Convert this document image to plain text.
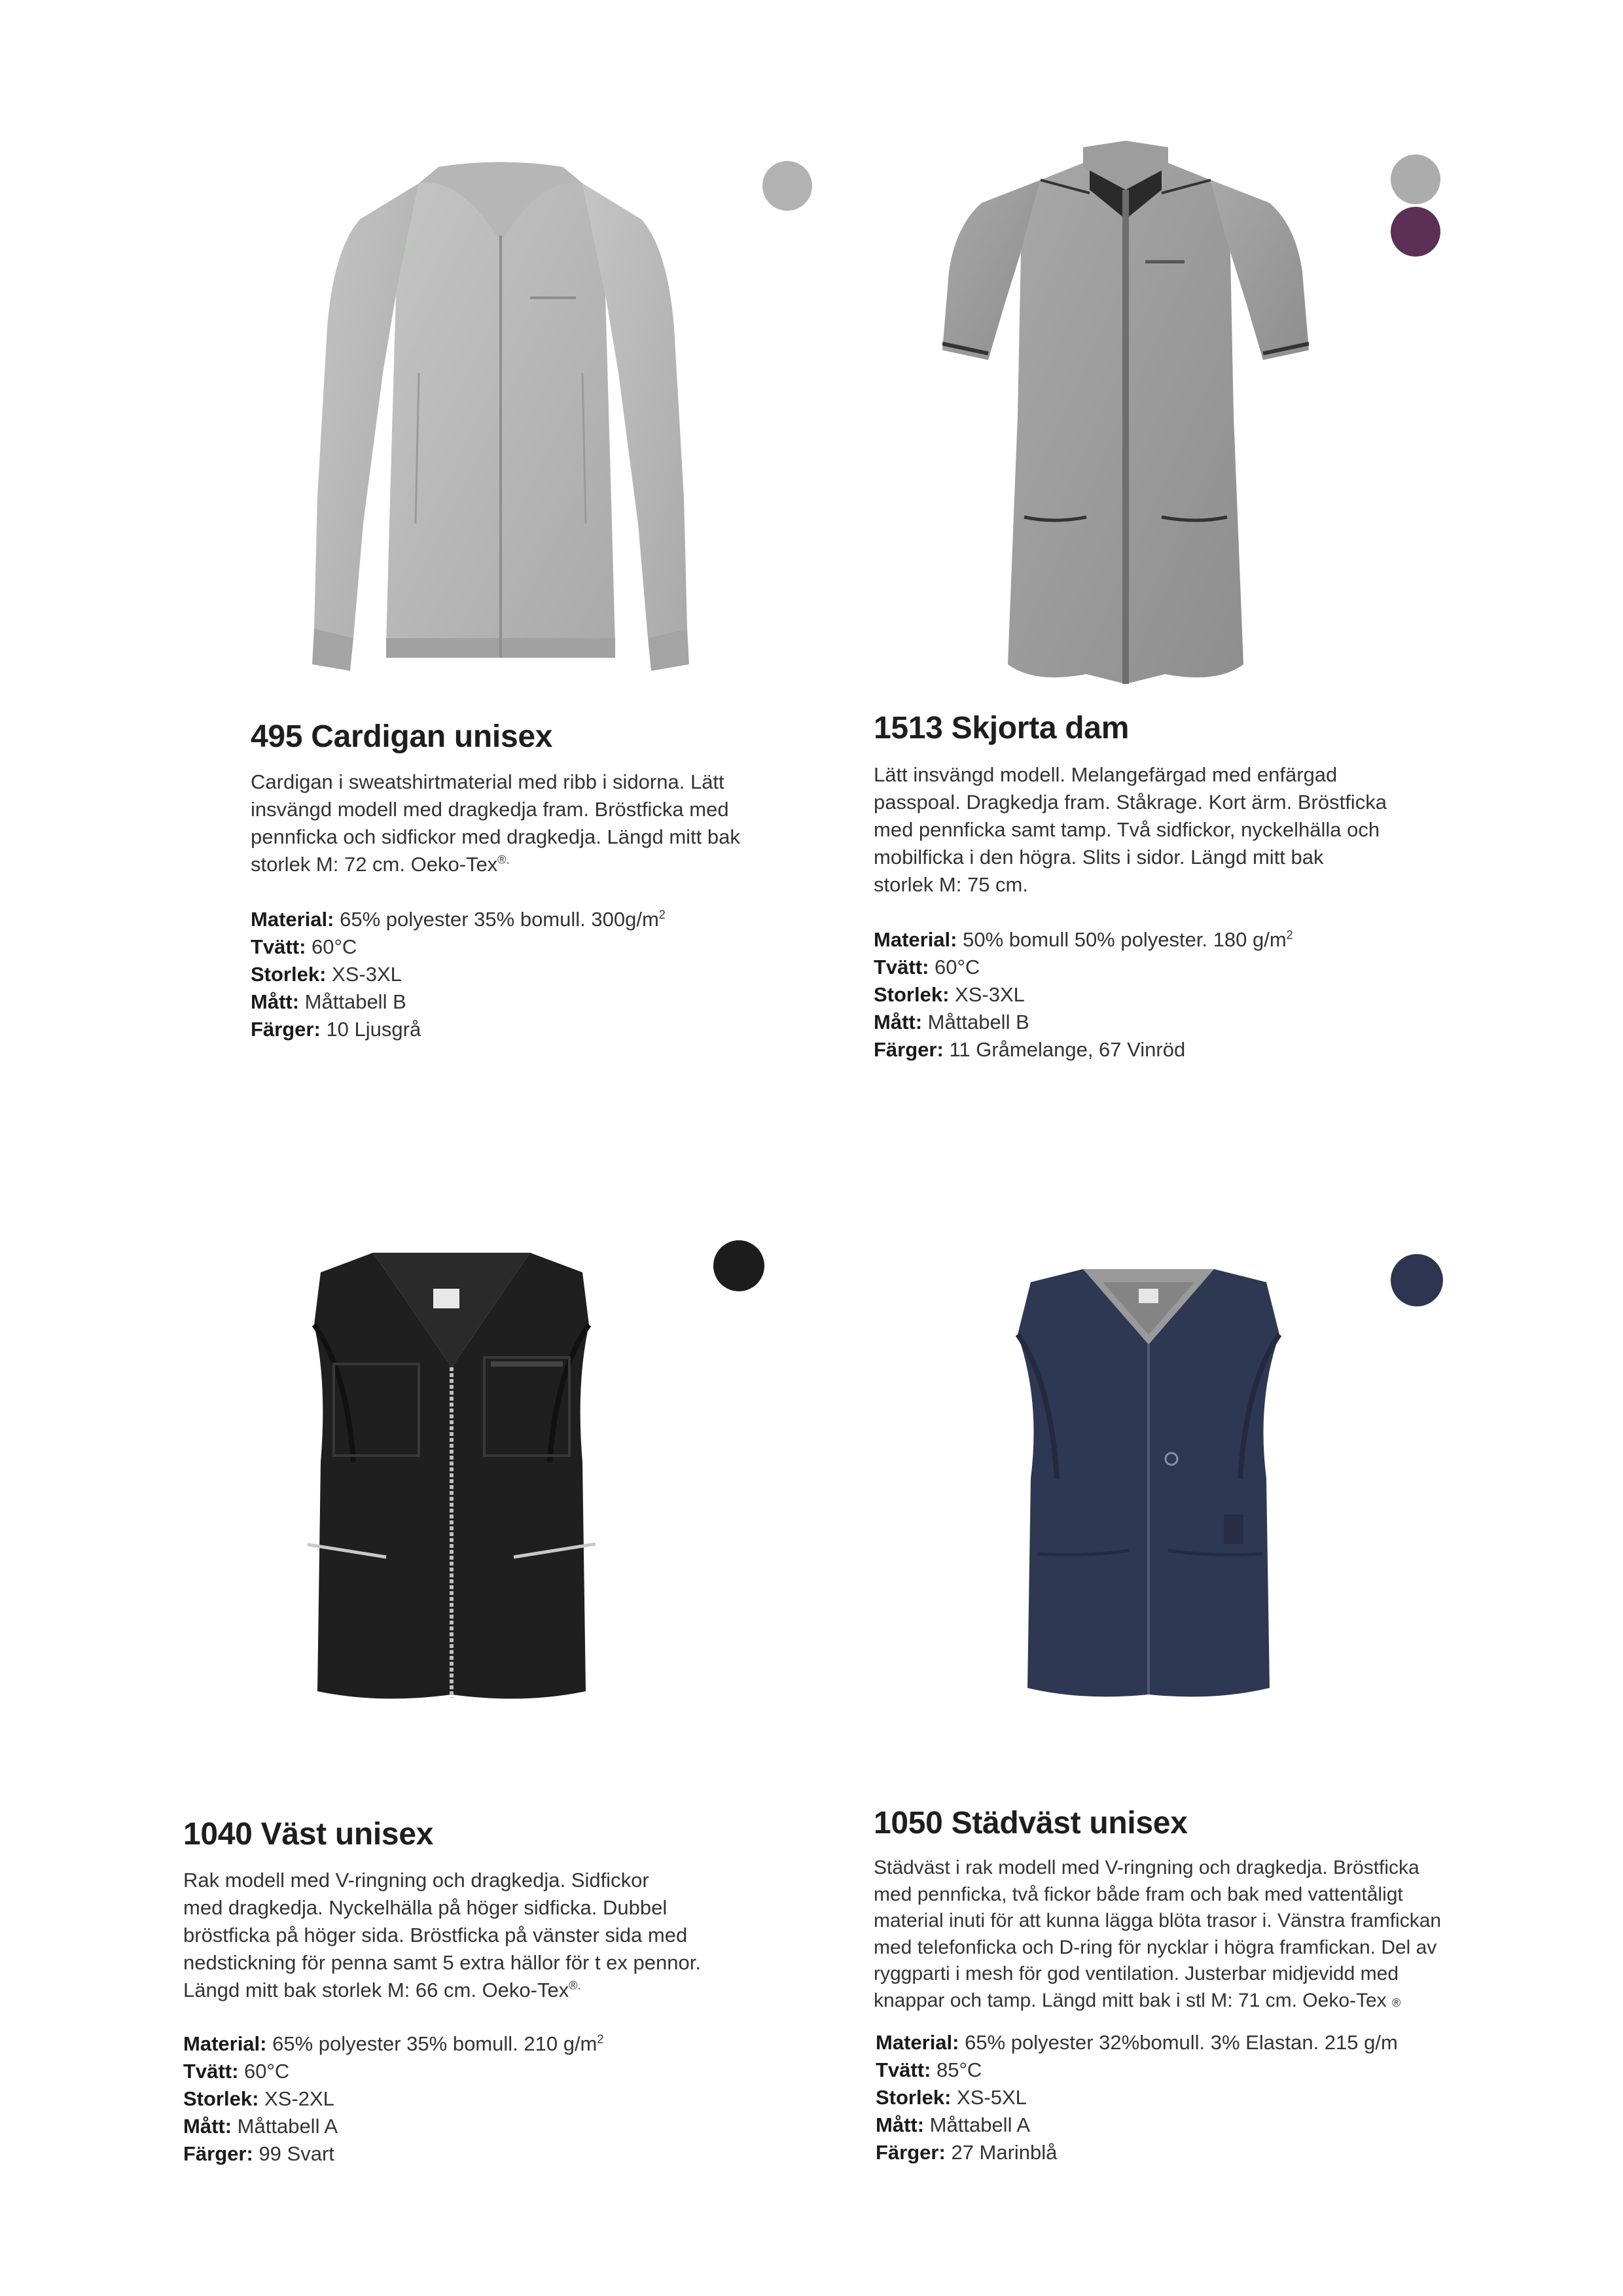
495 Cardigan unisex
Cardigan i sweatshirtmaterial med ribb i sidorna. Lätt
insvängd modell med dragkedja fram. Bröstficka med
pennficka och sidfickor med dragkedja. Längd mitt bak
storlek M: 72 cm. Oeko-Tex®.
Material: 65% polyester 35% bomull. $300g/m^2$
Tvätt: 60°C
Storlek: XS-3XL
Mått: Måttabell B
Färger: 10 Ljusgrå
1513 Skjorta dam
Lätt insvängd modell. Melangefärgad med enfärgad
passpoal. Dragkedja fram. Ståkrage. Kort ärm. Bröstficka
med pennficka samt tamp. Två sidfickor, nyckelhälla och
mobilficka i den högra. Slits i sidor. Längd mitt bak
storlek M: 75 cm.
Material: 50% bomull 50% polyester. 180 $g/m^2$
Tvätt: 60°C
Storlek: XS-3XL
Mått: Måttabell B
Färger: 11 Gråmelange, 67 Vinröd
1040 Väst unisex
Rak modell med V-ringning och dragkedja. Sidfickor
med dragkedja. Nyckelhälla på höger sidficka. Dubbel
bröstficka på höger sida. Bröstficka på vänster sida med
nedstickning för penna samt 5 extra hällor för t ex pennor.
Längd mitt bak storlek M: 66 cm. Oeko-Tex®.
Material: 65% polyester 35% bomull. 210 $g/m^2$
Tvätt: 60°C
Storlek: XS-2XL
Mått: Måttabell A
Färger: 99 Svart
1050 Städväst unisex
Städväst i rak modell med V-ringning och dragkedja. Bröstficka
med pennficka, två fickor både fram och bak med vattentåligt
material inuti för att kunna lägga blöta trasor i. Vänstra framfickan
med telefonficka och D-ring för nycklar i högra framfickan. Del av
ryggparti i mesh för god ventilation. Justerbar midjevidd med
knappar och tamp. Längd mitt bak i stl M: 71 cm. Oeko-Tex ®
Material: 65% polyester 32%bomull. 3% Elastan. 215 g/m
Tvätt: 85°C
Storlek: XS-5XL
Mått: Måttabell A
Färger: 27 Marinblå
